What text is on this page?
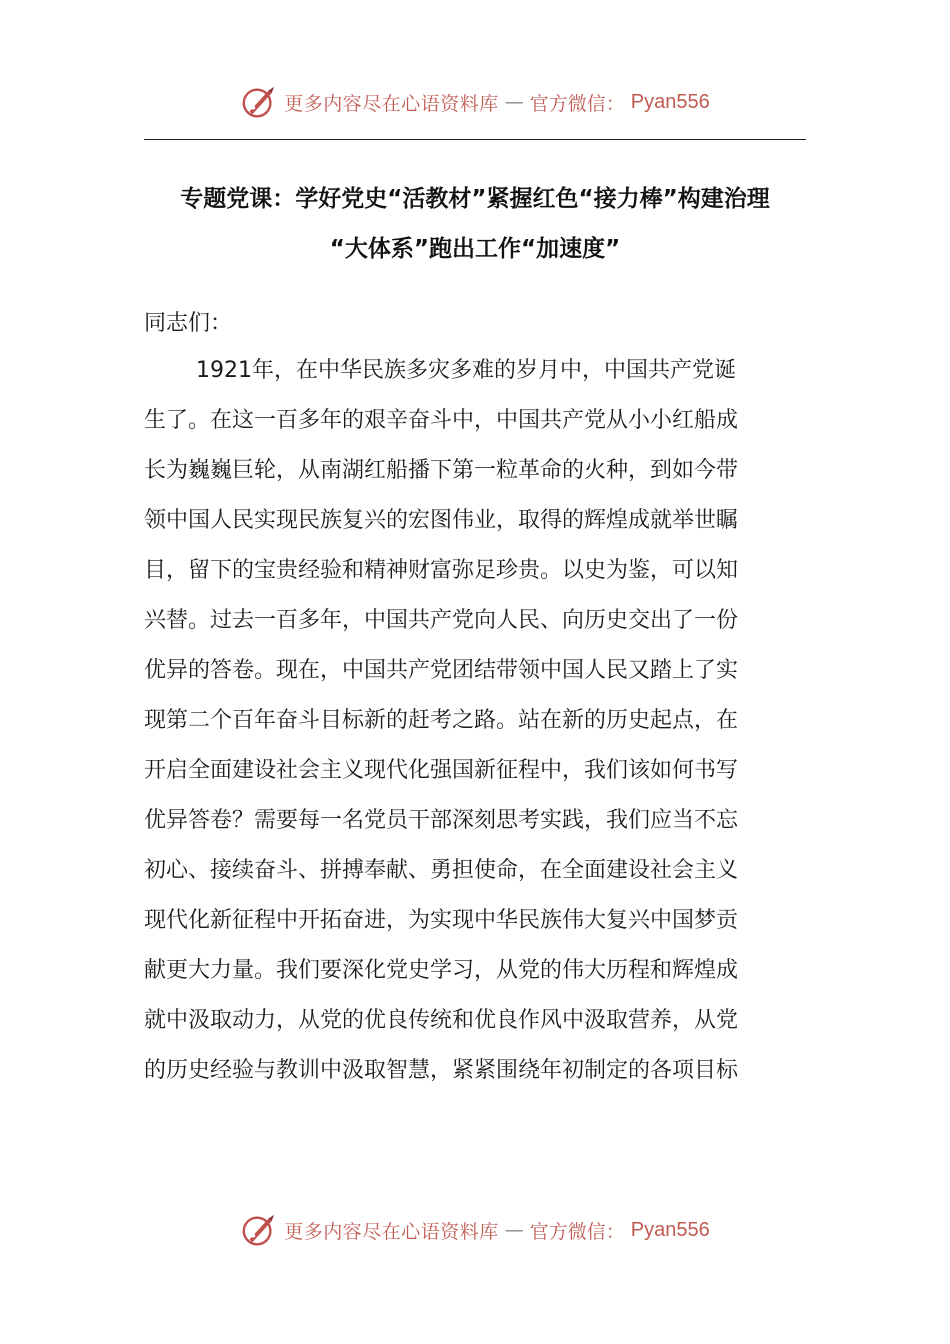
更多内容尽在心语资料库 — 官方微信： Pyan556
专题党课：学好党史“活教材”紧握红色“接力棒”构建治理
“大体系”跑出工作“加速度”
同志们：
1921年，在中华民族多灾多难的岁月中，中国共产党诞
生了。在这一百多年的艰辛奋斗中，中国共产党从小小红船成
长为巍巍巨轮，从南湖红船播下第一粒革命的火种，到如今带
领中国人民实现民族复兴的宏图伟业，取得的辉煌成就举世瞩
目，留下的宝贵经验和精神财富弥足珍贵。以史为鉴，可以知
兴替。过去一百多年，中国共产党向人民、向历史交出了一份
优异的答卷。现在，中国共产党团结带领中国人民又踏上了实
现第二个百年奋斗目标新的赶考之路。站在新的历史起点，在
开启全面建设社会主义现代化强国新征程中，我们该如何书写
优异答卷？需要每一名党员干部深刻思考实践，我们应当不忘
初心、接续奋斗、拼搏奉献、勇担使命，在全面建设社会主义
现代化新征程中开拓奋进，为实现中华民族伟大复兴中国梦贡
献更大力量。我们要深化党史学习，从党的伟大历程和辉煌成
就中汲取动力，从党的优良传统和优良作风中汲取营养，从党
的历史经验与教训中汲取智慧，紧紧围绕年初制定的各项目标
更多内容尽在心语资料库 — 官方微信： Pyan556
